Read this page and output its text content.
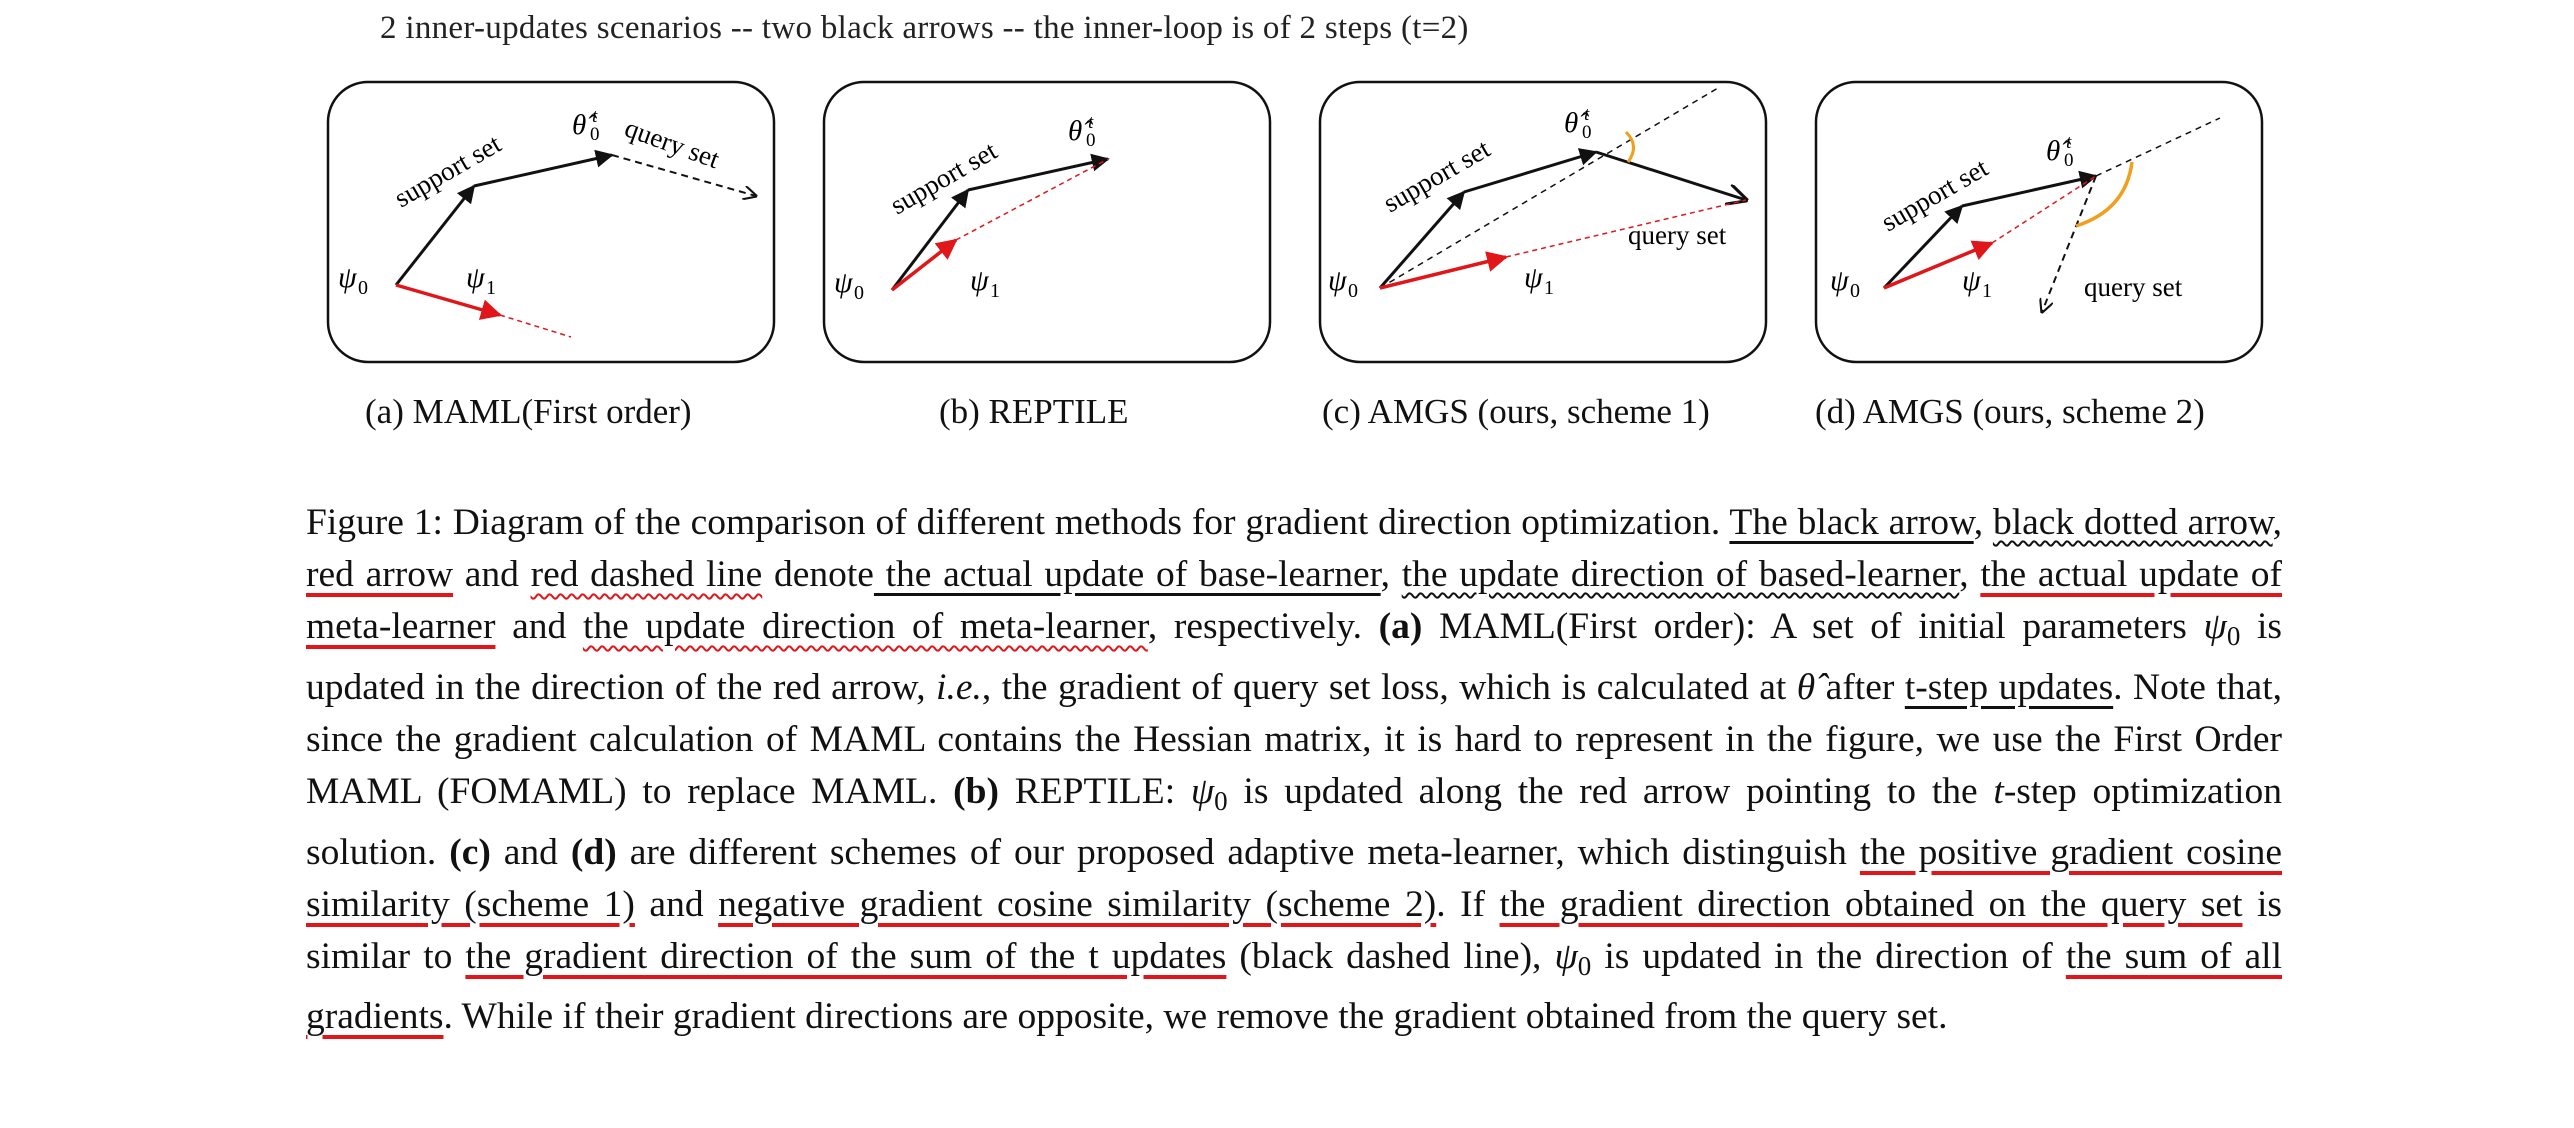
2 inner-updates scenarios -- two black arrows -- the inner-loop is of 2 steps (t=2)
support set	query set
θ̂ t
0
ψ 0	ψ 1
support set
θ̂ t
0
ψ 0	ψ 1
support set
query set
θ̂ t
0
ψ 0	ψ 1
support set
query set
θ̂ t
0
ψ 0	ψ 1
(a) MAML(First order)	(b) REPTILE	(c) AMGS (ours, scheme 1)	(d) AMGS (ours, scheme 2)
Figure 1: Diagram of the comparison of different methods for gradient direction optimization. The black arrow, black dotted arrow, red arrow and red dashed line denote the actual update of base-learner, the update direction of based-learner, the actual update of meta-learner and the update direction of meta-learner, respectively. (a) MAML(First order): A set of initial parameters $\psi_0$ is updated in the direction of the red arrow, i.e., the gradient of query set loss, which is calculated at θ̂ after t-step updates. Note that, since the gradient calculation of MAML contains the Hessian matrix, it is hard to represent in the figure, we use the First Order MAML (FOMAML) to replace MAML. (b) REPTILE: $\psi_0$ is updated along the red arrow pointing to the t-step optimization solution. (c) and (d) are different schemes of our proposed adaptive meta-learner, which distinguish the positive gradient cosine similarity (scheme 1) and negative gradient cosine similarity (scheme 2). If the gradient direction obtained on the query set is similar to the gradient direction of the sum of the t updates (black dashed line), $\psi_0$ is updated in the direction of the sum of all gradients. While if their gradient directions are opposite, we remove the gradient obtained from the query set.
